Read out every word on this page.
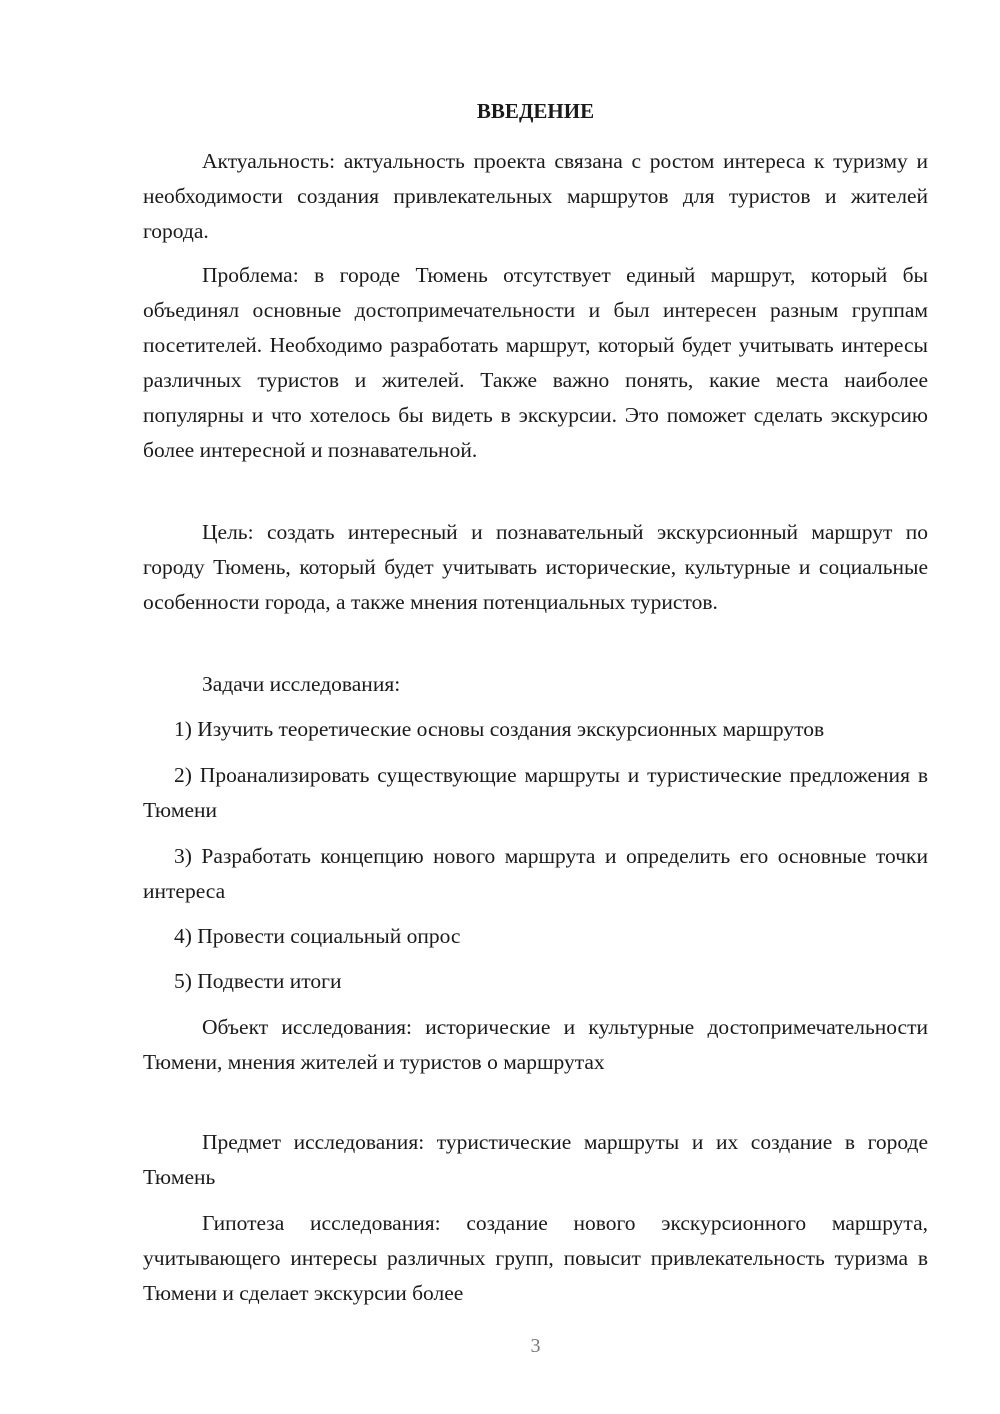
ВВЕДЕНИЕ

Актуальность: актуальность проекта связана с ростом интереса к туризму и необходимости создания привлекательных маршрутов для туристов и жителей города.

Проблема: в городе Тюмень отсутствует единый маршрут, который бы объединял основные достопримечательности и был интересен разным группам посетителей. Необходимо разработать маршрут, который будет учитывать интересы различных туристов и жителей. Также важно понять, какие места наиболее популярны и что хотелось бы видеть в экскурсии. Это поможет сделать экскурсию более интересной и познавательной.

Цель: создать интересный и познавательный экскурсионный маршрут по городу Тюмень, который будет учитывать исторические, культурные и социальные особенности города, а также мнения потенциальных туристов.

Задачи исследования:

1) Изучить теоретические основы создания экскурсионных маршрутов

2) Проанализировать существующие маршруты и туристические предложения в Тюмени

3) Разработать концепцию нового маршрута и определить его основные точки интереса

4) Провести социальный опрос

5) Подвести итоги

Объект исследования: исторические и культурные достопримечательности Тюмени, мнения жителей и туристов о маршрутах

Предмет исследования: туристические маршруты и их создание в городе Тюмень

Гипотеза исследования: создание нового экскурсионного маршрута, учитывающего интересы различных групп, повысит привлекательность туризма в Тюмени и сделает экскурсии более

3
